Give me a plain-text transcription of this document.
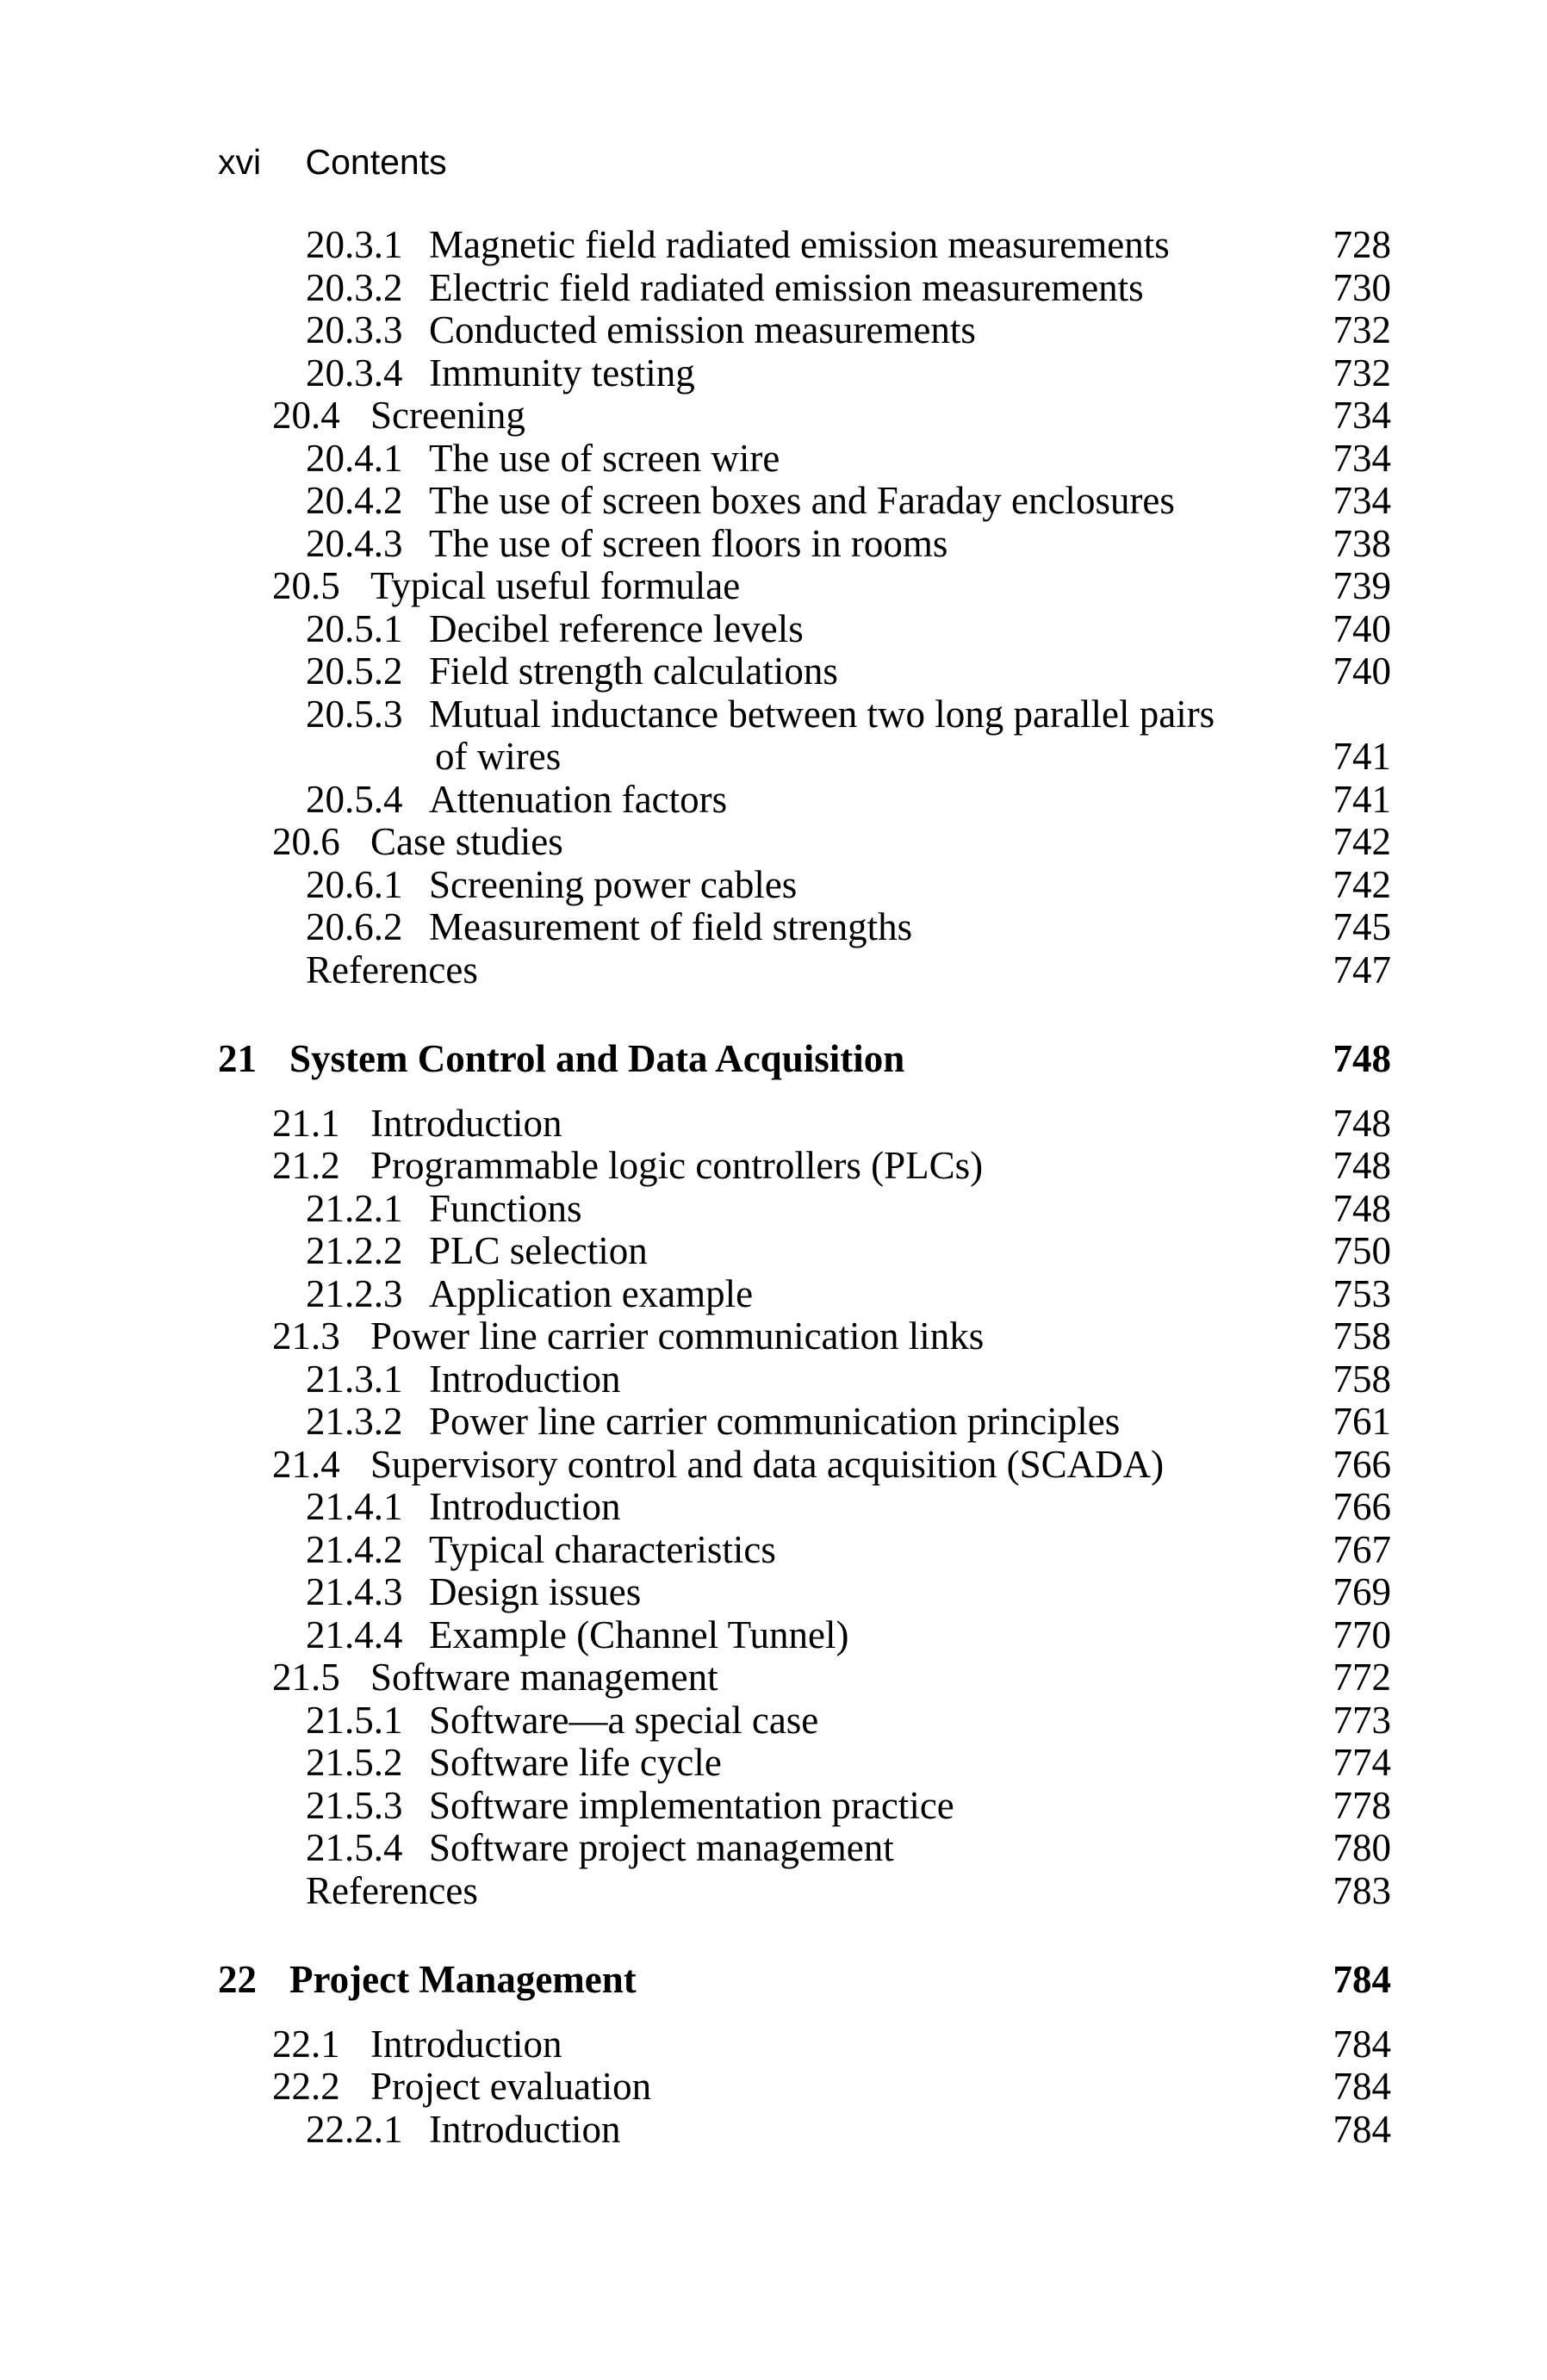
xvi Contents
20.3.1 Magnetic field radiated emission measurements	728
20.3.2 Electric field radiated emission measurements	730
20.3.3 Conducted emission measurements	732
20.3.4 Immunity testing	732
20.4 Screening	734
20.4.1 The use of screen wire	734
20.4.2 The use of screen boxes and Faraday enclosures	734
20.4.3 The use of screen floors in rooms	738
20.5 Typical useful formulae	739
20.5.1 Decibel reference levels	740
20.5.2 Field strength calculations	740
20.5.3 Mutual inductance between two long parallel pairs
of wires	741
20.5.4 Attenuation factors	741
20.6 Case studies	742
20.6.1 Screening power cables	742
20.6.2 Measurement of field strengths	745
References	747
21 System Control and Data Acquisition	748
21.1 Introduction	748
21.2 Programmable logic controllers (PLCs)	748
21.2.1 Functions	748
21.2.2 PLC selection	750
21.2.3 Application example	753
21.3 Power line carrier communication links	758
21.3.1 Introduction	758
21.3.2 Power line carrier communication principles	761
21.4 Supervisory control and data acquisition (SCADA)	766
21.4.1 Introduction	766
21.4.2 Typical characteristics	767
21.4.3 Design issues	769
21.4.4 Example (Channel Tunnel)	770
21.5 Software management	772
21.5.1 Software—a special case	773
21.5.2 Software life cycle	774
21.5.3 Software implementation practice	778
21.5.4 Software project management	780
References	783
22 Project Management	784
22.1 Introduction	784
22.2 Project evaluation	784
22.2.1 Introduction	784
